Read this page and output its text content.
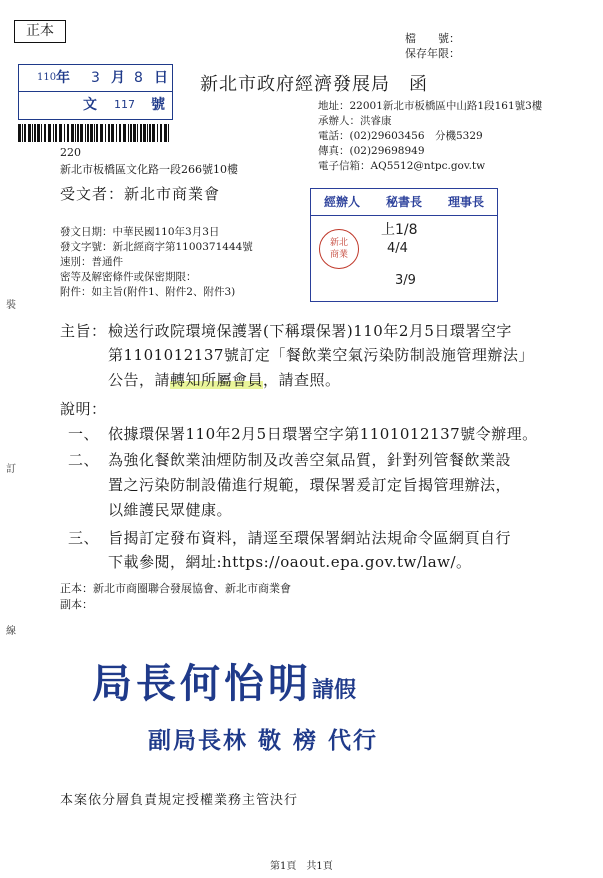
正本	檔　　號：
保存年限：
110 年 3 月 8 日
文 117 號
新北市政府經濟發展局　函
地址：22001新北市板橋區中山路1段161號3樓
承辦人：洪睿康
電話：(02)29603456　分機5329
傳真：(02)29698949
電子信箱：AQ5512@ntpc.gov.tw
220
新北市板橋區文化路一段266號10樓
受文者：新北市商業會
發文日期：中華民國110年3月3日
發文字號：新北經商字第1100371444號
速別：普通件
密等及解密條件或保密期限：
附件：如主旨(附件1、附件2、附件3)
經辦人	秘書長	理事長
新北
商業
上1/8
4/4
3/9
裝
訂
線
主旨： 檢送行政院環境保護署(下稱環保署)110年2月5日環署空字
第1101012137號訂定「餐飲業空氣污染防制設施管理辦法」
公告，請轉知所屬會員，請查照。
說明：
一、 依據環保署110年2月5日環署空字第1101012137號令辦理。
二、 為強化餐飲業油煙防制及改善空氣品質，針對列管餐飲業設
置之污染防制設備進行規範，環保署爰訂定旨揭管理辦法，
以維護民眾健康。
三、 旨揭訂定發布資料，請逕至環保署網站法規命令區網頁自行
下載參閱，網址:https://oaout.epa.gov.tw/law/。
正本：新北市商圈聯合發展協會、新北市商業會
副本：
局長何怡明請假
副局長林 敬 榜 代行
本案依分層負責規定授權業務主管決行
第1頁　共1頁
